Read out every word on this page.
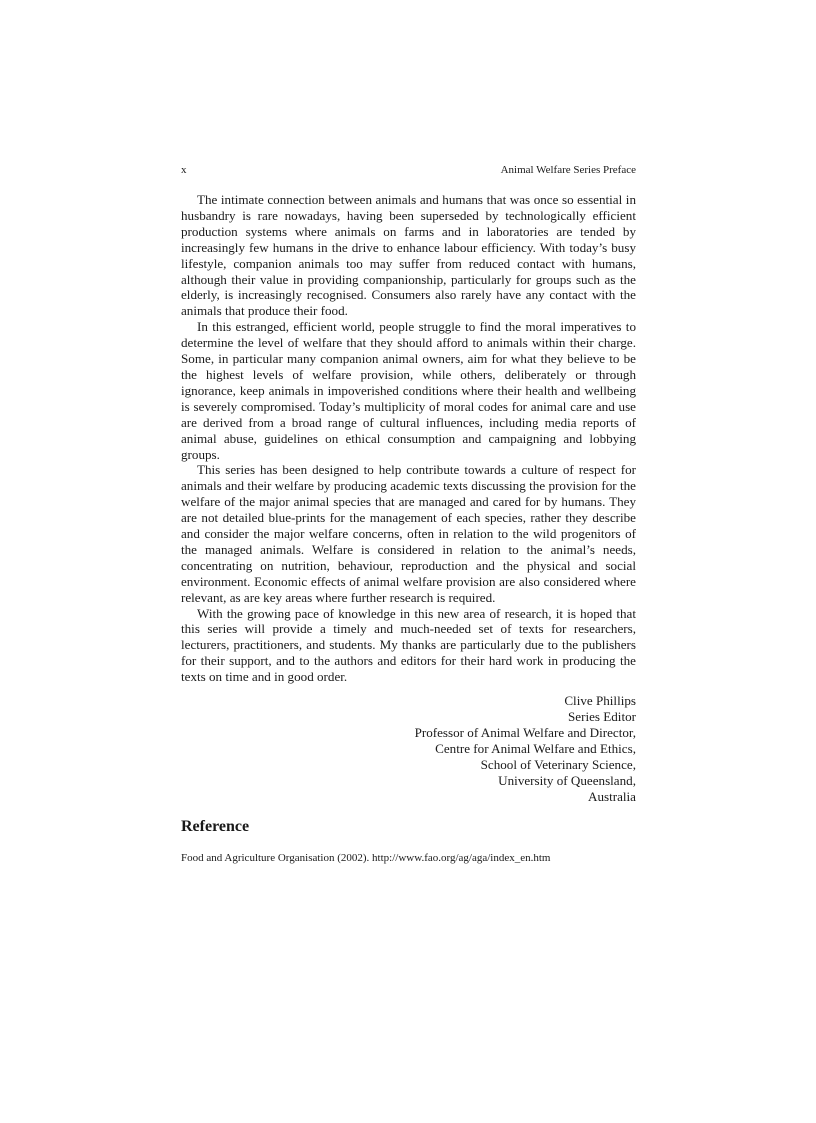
x	Animal Welfare Series Preface

The intimate connection between animals and humans that was once so essential in husbandry is rare nowadays, having been superseded by technologically efficient production systems where animals on farms and in laboratories are tended by increasingly few humans in the drive to enhance labour efficiency. With today’s busy lifestyle, companion animals too may suffer from reduced contact with humans, although their value in providing companionship, particularly for groups such as the elderly, is increasingly recognised. Consumers also rarely have any contact with the animals that produce their food.

In this estranged, efficient world, people struggle to find the moral imperatives to determine the level of welfare that they should afford to animals within their charge. Some, in particular many companion animal owners, aim for what they believe to be the highest levels of welfare provision, while others, deliberately or through ignorance, keep animals in impoverished conditions where their health and wellbeing is severely compromised. Today’s multiplicity of moral codes for animal care and use are derived from a broad range of cultural influences, including media reports of animal abuse, guidelines on ethical consumption and campaigning and lobbying groups.

This series has been designed to help contribute towards a culture of respect for animals and their welfare by producing academic texts discussing the provision for the welfare of the major animal species that are managed and cared for by humans. They are not detailed blue-prints for the management of each species, rather they describe and consider the major welfare concerns, often in relation to the wild progenitors of the managed animals. Welfare is considered in relation to the animal’s needs, concentrating on nutrition, behaviour, reproduction and the physical and social environment. Economic effects of animal welfare provision are also considered where relevant, as are key areas where further research is required.

With the growing pace of knowledge in this new area of research, it is hoped that this series will provide a timely and much-needed set of texts for researchers, lecturers, practitioners, and students. My thanks are particularly due to the publishers for their support, and to the authors and editors for their hard work in producing the texts on time and in good order.

Clive Phillips
Series Editor
Professor of Animal Welfare and Director,
Centre for Animal Welfare and Ethics,
School of Veterinary Science,
University of Queensland,
Australia
Reference
Food and Agriculture Organisation (2002). http://www.fao.org/ag/aga/index_en.htm
